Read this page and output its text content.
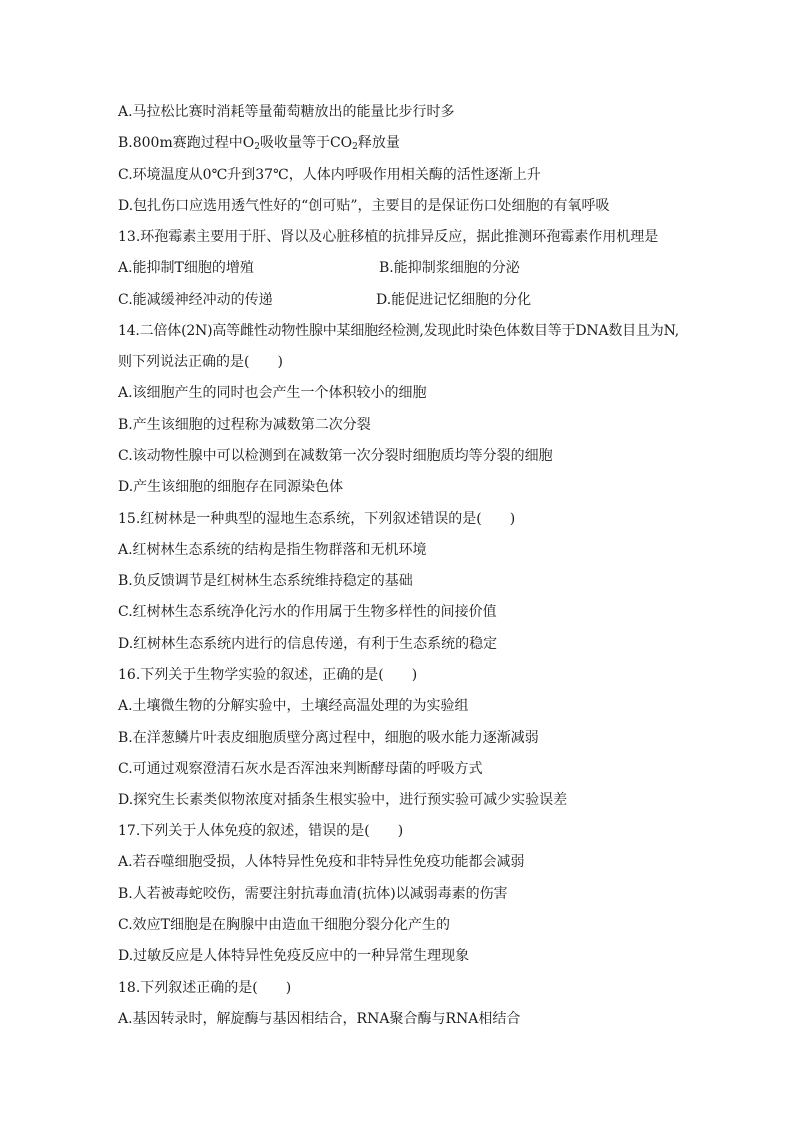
A.马拉松比赛时消耗等量葡萄糖放出的能量比步行时多
B.800m赛跑过程中$O_2$吸收量等于$CO_2$释放量
C.环境温度从0℃升到37℃，人体内呼吸作用相关酶的活性逐渐上升
D.包扎伤口应选用透气性好的“创可贴”，主要目的是保证伤口处细胞的有氧呼吸
13.环孢霉素主要用于肝、肾以及心脏移植的抗排异反应，据此推测环孢霉素作用机理是
A.能抑制T细胞的增殖	B.能抑制浆细胞的分泌
C.能减缓神经冲动的传递	D.能促进记忆细胞的分化
14.二倍体(2N)高等雌性动物性腺中某细胞经检测,发现此时染色体数目等于DNA数目且为N,
则下列说法正确的是(　　)
A.该细胞产生的同时也会产生一个体积较小的细胞
B.产生该细胞的过程称为减数第二次分裂
C.该动物性腺中可以检测到在减数第一次分裂时细胞质均等分裂的细胞
D.产生该细胞的细胞存在同源染色体
15.红树林是一种典型的湿地生态系统，下列叙述错误的是(　　)
A.红树林生态系统的结构是指生物群落和无机环境
B.负反馈调节是红树林生态系统维持稳定的基础
C.红树林生态系统净化污水的作用属于生物多样性的间接价值
D.红树林生态系统内进行的信息传递，有利于生态系统的稳定
16.下列关于生物学实验的叙述，正确的是(　　)
A.土壤微生物的分解实验中，土壤经高温处理的为实验组
B.在洋葱鳞片叶表皮细胞质壁分离过程中，细胞的吸水能力逐渐减弱
C.可通过观察澄清石灰水是否浑浊来判断酵母菌的呼吸方式
D.探究生长素类似物浓度对插条生根实验中，进行预实验可减少实验误差
17.下列关于人体免疫的叙述，错误的是(　　)
A.若吞噬细胞受损，人体特异性免疫和非特异性免疫功能都会减弱
B.人若被毒蛇咬伤，需要注射抗毒血清(抗体)以减弱毒素的伤害
C.效应T细胞是在胸腺中由造血干细胞分裂分化产生的
D.过敏反应是人体特异性免疫反应中的一种异常生理现象
18.下列叙述正确的是(　　)
A.基因转录时，解旋酶与基因相结合，RNA聚合酶与RNA相结合
